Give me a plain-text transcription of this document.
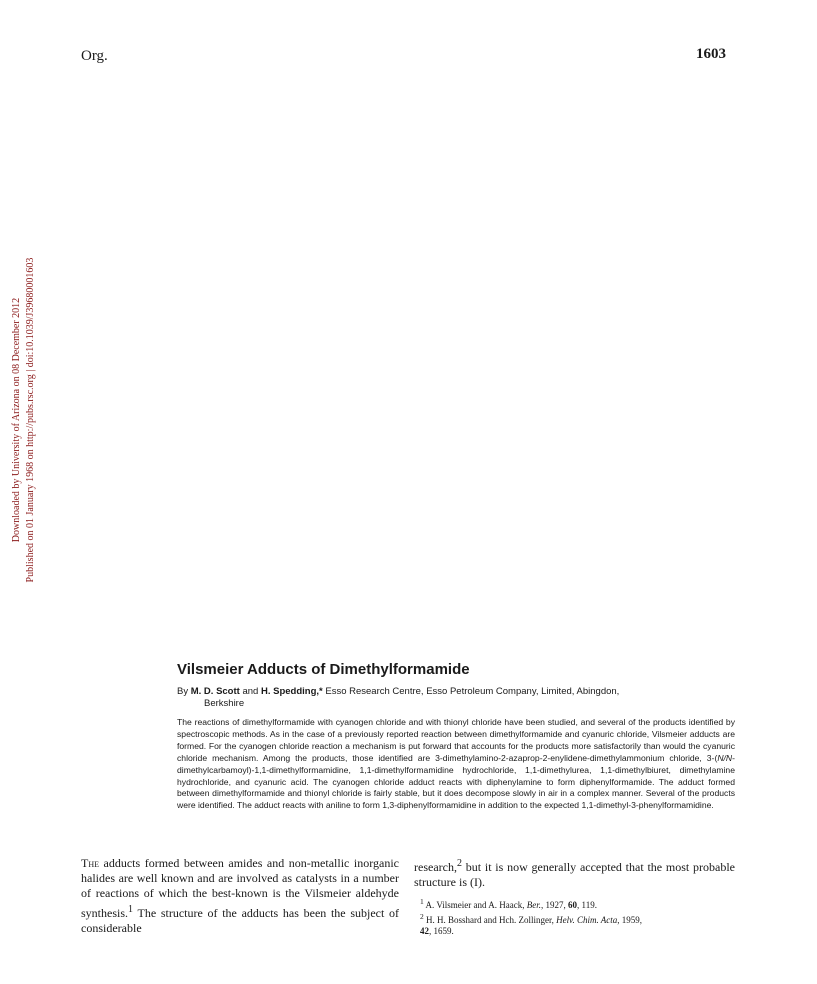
Org.	1603
Downloaded by University of Arizona on 08 December 2012 Published on 01 January 1968 on http://pubs.rsc.org | doi:10.1039/J39680001603
Vilsmeier Adducts of Dimethylformamide
By M. D. Scott and H. Spedding,* Esso Research Centre, Esso Petroleum Company, Limited, Abingdon,
Berkshire
The reactions of dimethylformamide with cyanogen chloride and with thionyl chloride have been studied, and several of the products identified by spectroscopic methods. As in the case of a previously reported reaction between dimethylformamide and cyanuric chloride, Vilsmeier adducts are formed. For the cyanogen chloride reaction a mechanism is put forward that accounts for the products more satisfactorily than would the cyanuric chloride mechanism. Among the products, those identified are 3-dimethylamino-2-azaprop-2-enylidene-dimethylammonium chloride, 3-(N/N-dimethylcarbamoyl)-1,1-dimethylformamidine, 1,1-dimethylformamidine hydrochloride, 1,1-dimethylurea, 1,1-dimethylbiuret, dimethylamine hydrochloride, and cyanuric acid. The cyanogen chloride adduct reacts with diphenylamine to form diphenylformamide. The adduct formed between dimethylformamide and thionyl chloride is fairly stable, but it does decompose slowly in air in a complex manner. Several of the products were identified. The adduct reacts with aniline to form 1,3-diphenylformamidine in addition to the expected 1,1-dimethyl-3-phenylformamidine.
The adducts formed between amides and non-metallic inorganic halides are well known and are involved as catalysts in a number of reactions of which the best-known is the Vilsmeier aldehyde synthesis.$^1$ The structure of the adducts has been the subject of considerable
research,$^2$ but it is now generally accepted that the most probable structure is (I).
$^1$ A. Vilsmeier and A. Haack, Ber., 1927, 60, 119.
$^2$ H. H. Bosshard and Hch. Zollinger, Helv. Chim. Acta, 1959,
42, 1659.
